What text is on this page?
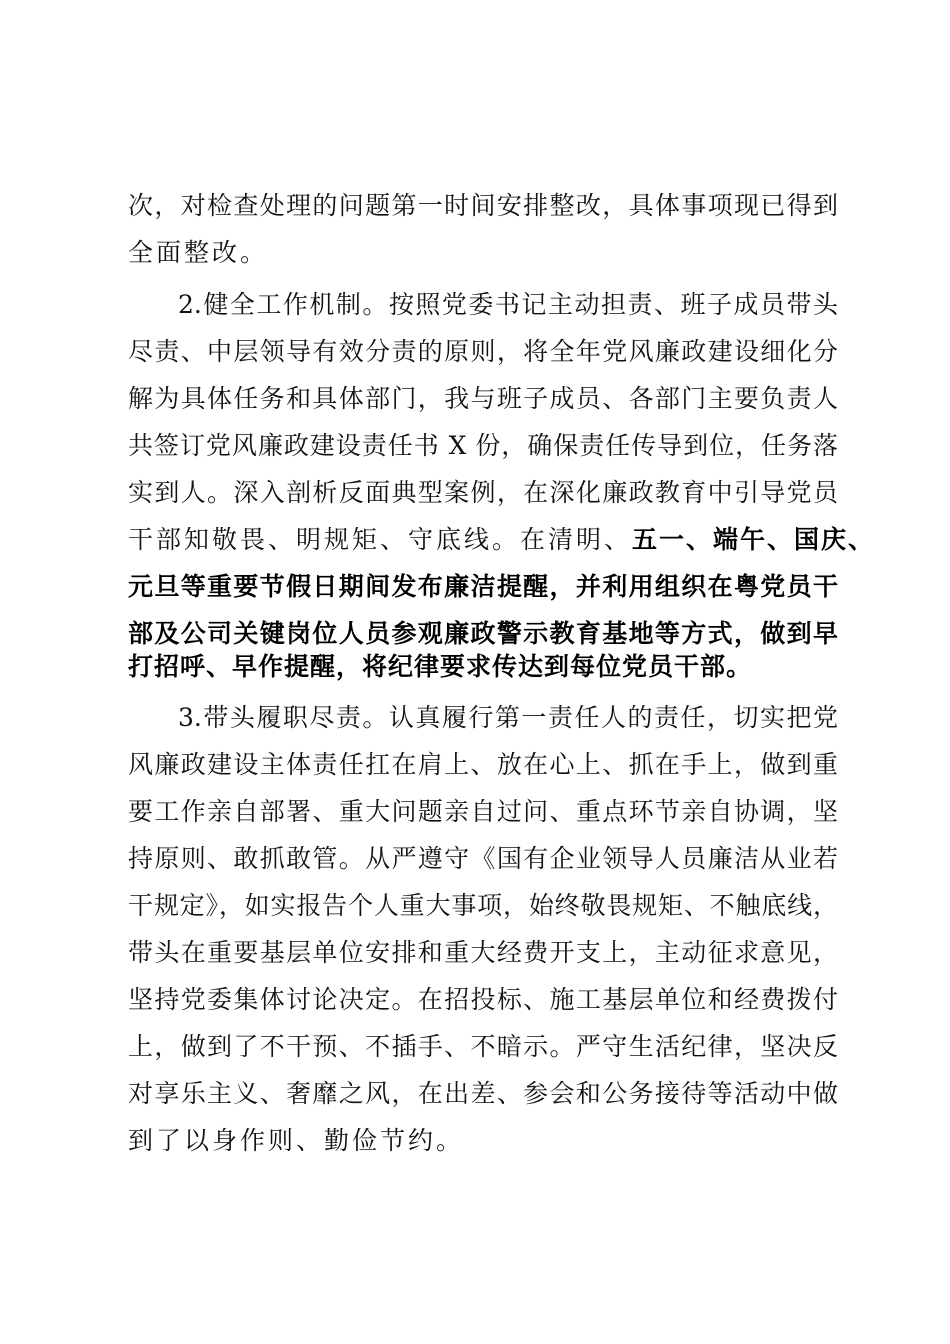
次，对检查处理的问题第一时间安排整改，具体事项现已得到
全面整改。
2.健全工作机制。按照党委书记主动担责、班子成员带头
尽责、中层领导有效分责的原则，将全年党风廉政建设细化分
解为具体任务和具体部门，我与班子成员、各部门主要负责人
共签订党风廉政建设责任书 X 份，确保责任传导到位，任务落
实到人。深入剖析反面典型案例，在深化廉政教育中引导党员
干部知敬畏、明规矩、守底线。在清明、五一、端午、国庆、
元旦等重要节假日期间发布廉洁提醒，并利用组织在粤党员干
部及公司关键岗位人员参观廉政警示教育基地等方式，做到早
打招呼、早作提醒，将纪律要求传达到每位党员干部。
3.带头履职尽责。认真履行第一责任人的责任，切实把党
风廉政建设主体责任扛在肩上、放在心上、抓在手上，做到重
要工作亲自部署、重大问题亲自过问、重点环节亲自协调，坚
持原则、敢抓敢管。从严遵守《国有企业领导人员廉洁从业若
干规定》，如实报告个人重大事项，始终敬畏规矩、不触底线，
带头在重要基层单位安排和重大经费开支上，主动征求意见，
坚持党委集体讨论决定。在招投标、施工基层单位和经费拨付
上，做到了不干预、不插手、不暗示。严守生活纪律，坚决反
对享乐主义、奢靡之风，在出差、参会和公务接待等活动中做
到了以身作则、勤俭节约。
